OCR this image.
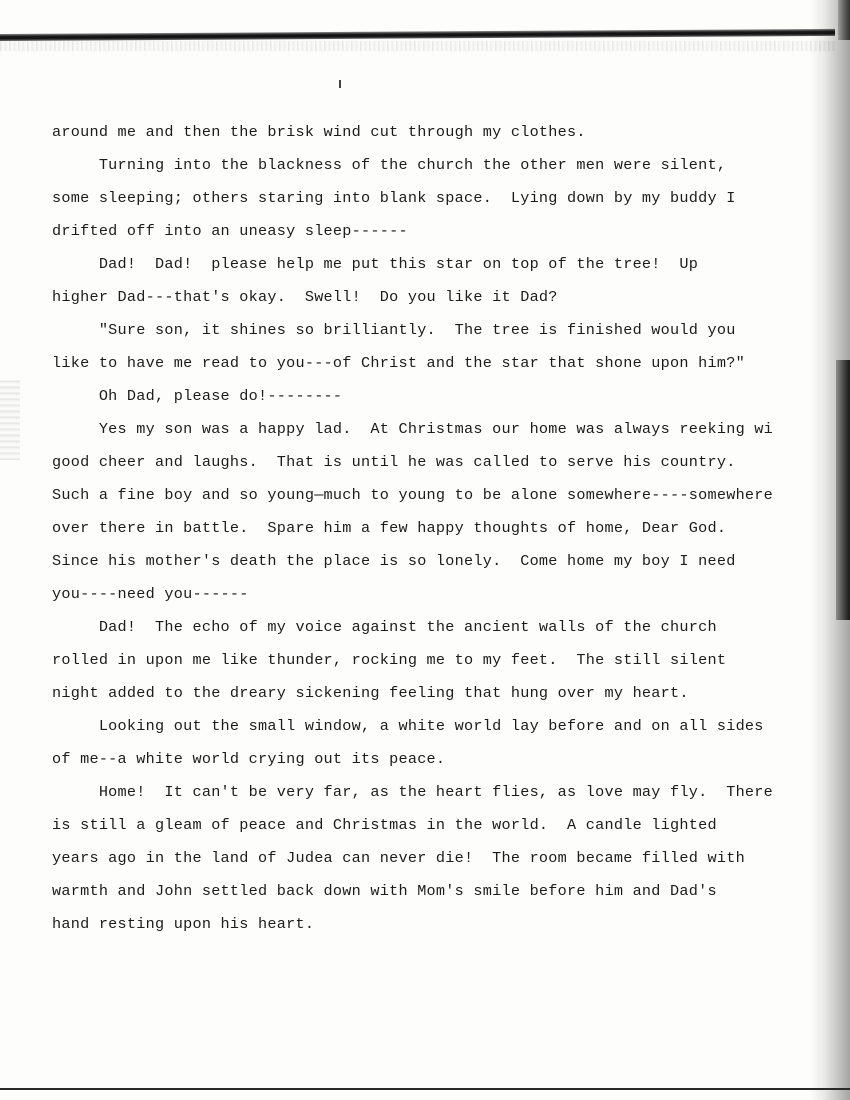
around me and then the brisk wind cut through my clothes.
Turning into the blackness of the church the other men were silent,
some sleeping; others staring into blank space.  Lying down by my buddy I
drifted off into an uneasy sleep------
Dad!  Dad!  please help me put this star on top of the tree!  Up
higher Dad---that's okay.  Swell!  Do you like it Dad?
"Sure son, it shines so brilliantly.  The tree is finished would you
like to have me read to you---of Christ and the star that shone upon him?"
Oh Dad, please do!--------
Yes my son was a happy lad.  At Christmas our home was always reeking wi
good cheer and laughs.  That is until he was called to serve his country.
Such a fine boy and so young—much to young to be alone somewhere----somewhere
over there in battle.  Spare him a few happy thoughts of home, Dear God.
Since his mother's death the place is so lonely.  Come home my boy I need
you----need you------
Dad!  The echo of my voice against the ancient walls of the church
rolled in upon me like thunder, rocking me to my feet.  The still silent
night added to the dreary sickening feeling that hung over my heart.
Looking out the small window, a white world lay before and on all sides
of me--a white world crying out its peace.
Home!  It can't be very far, as the heart flies, as love may fly.  There
is still a gleam of peace and Christmas in the world.  A candle lighted
years ago in the land of Judea can never die!  The room became filled with
warmth and John settled back down with Mom's smile before him and Dad's
hand resting upon his heart.
